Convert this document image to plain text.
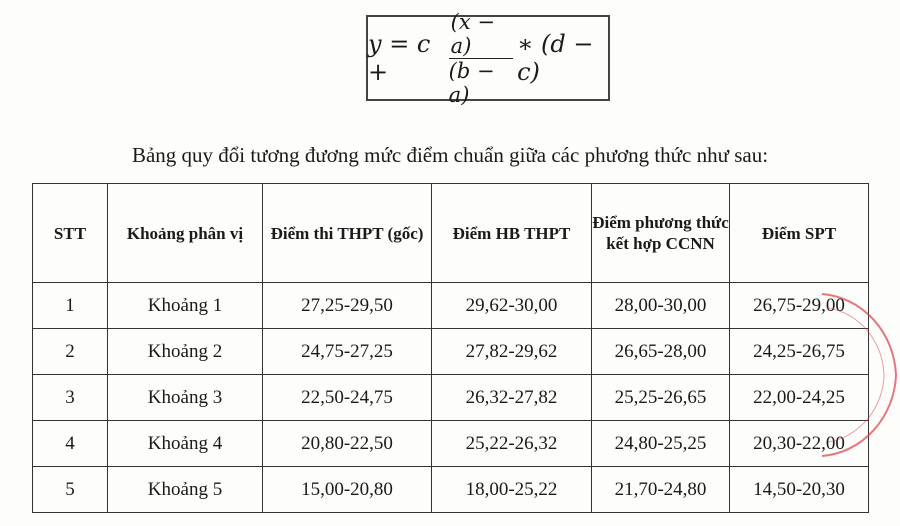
y = c +	$\frac{(x - a)}{(b - a)}$ ∗ (d − c)
Bảng quy đổi tương đương mức điểm chuẩn giữa các phương thức như sau:
STT	Khoảng phân vị	Điểm thi THPT (gốc)	Điểm HB THPT	Điểm phương thức kết hợp CCNN	Điểm SPT
1	Khoảng 1	27,25-29,50	29,62-30,00	28,00-30,00	26,75-29,00
2	Khoảng 2	24,75-27,25	27,82-29,62	26,65-28,00	24,25-26,75
3	Khoảng 3	22,50-24,75	26,32-27,82	25,25-26,65	22,00-24,25
4	Khoảng 4	20,80-22,50	25,22-26,32	24,80-25,25	20,30-22,00
5	Khoảng 5	15,00-20,80	18,00-25,22	21,70-24,80	14,50-20,30
